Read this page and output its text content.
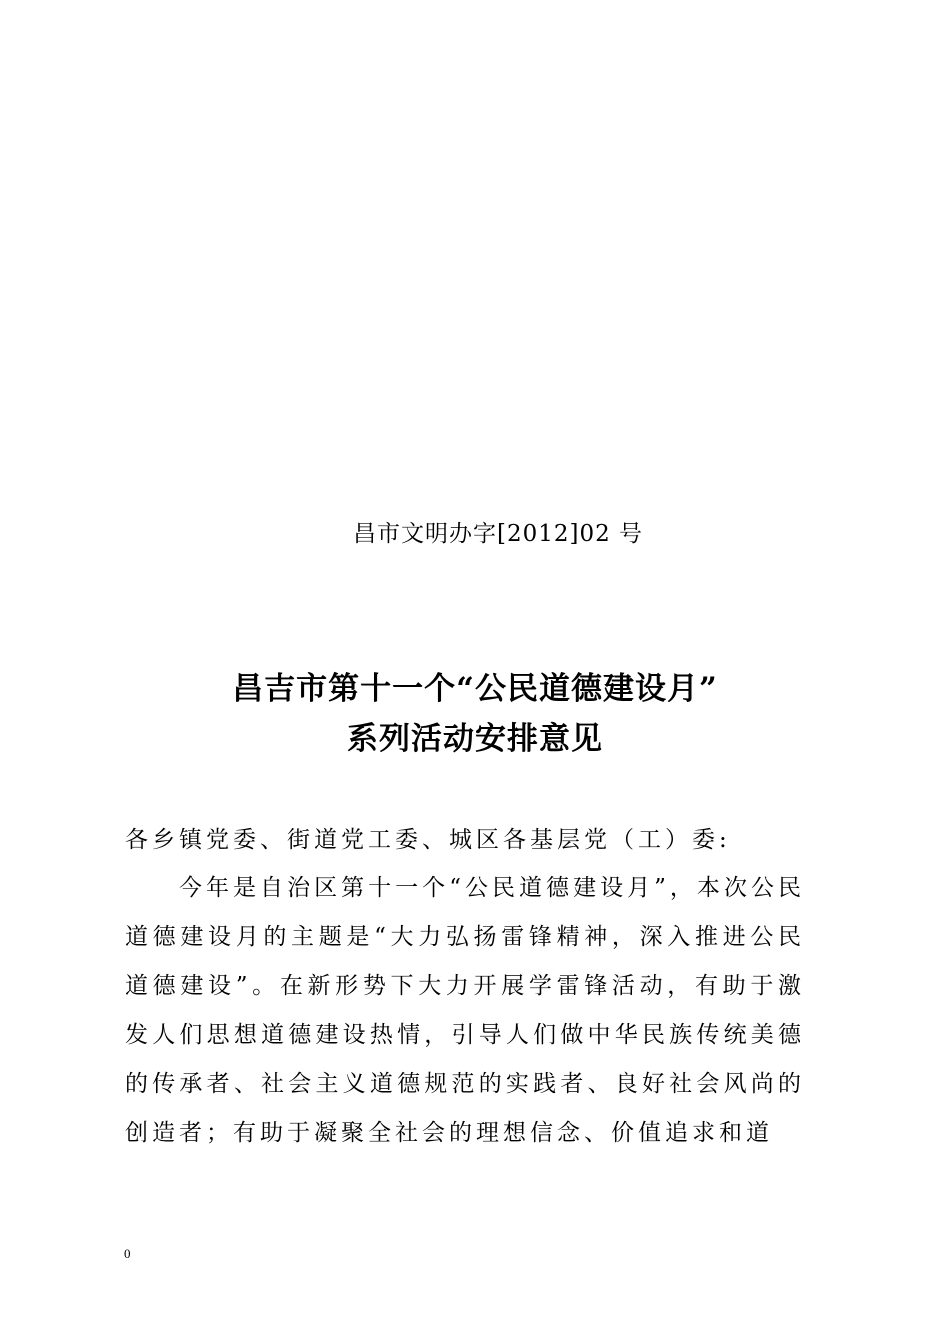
昌市文明办字[2012]02 号
昌吉市第十一个“公民道德建设月”
系列活动安排意见
各乡镇党委、街道党工委、城区各基层党（工）委:

今年是自治区第十一个“公民道德建设月”，本次公民道德建设月的主题是“大力弘扬雷锋精神，深入推进公民道德建设”。在新形势下大力开展学雷锋活动，有助于激发人们思想道德建设热情，引导人们做中华民族传统美德的传承者、社会主义道德规范的实践者、良好社会风尚的创造者；有助于凝聚全社会的理想信念、价值追求和道

0
